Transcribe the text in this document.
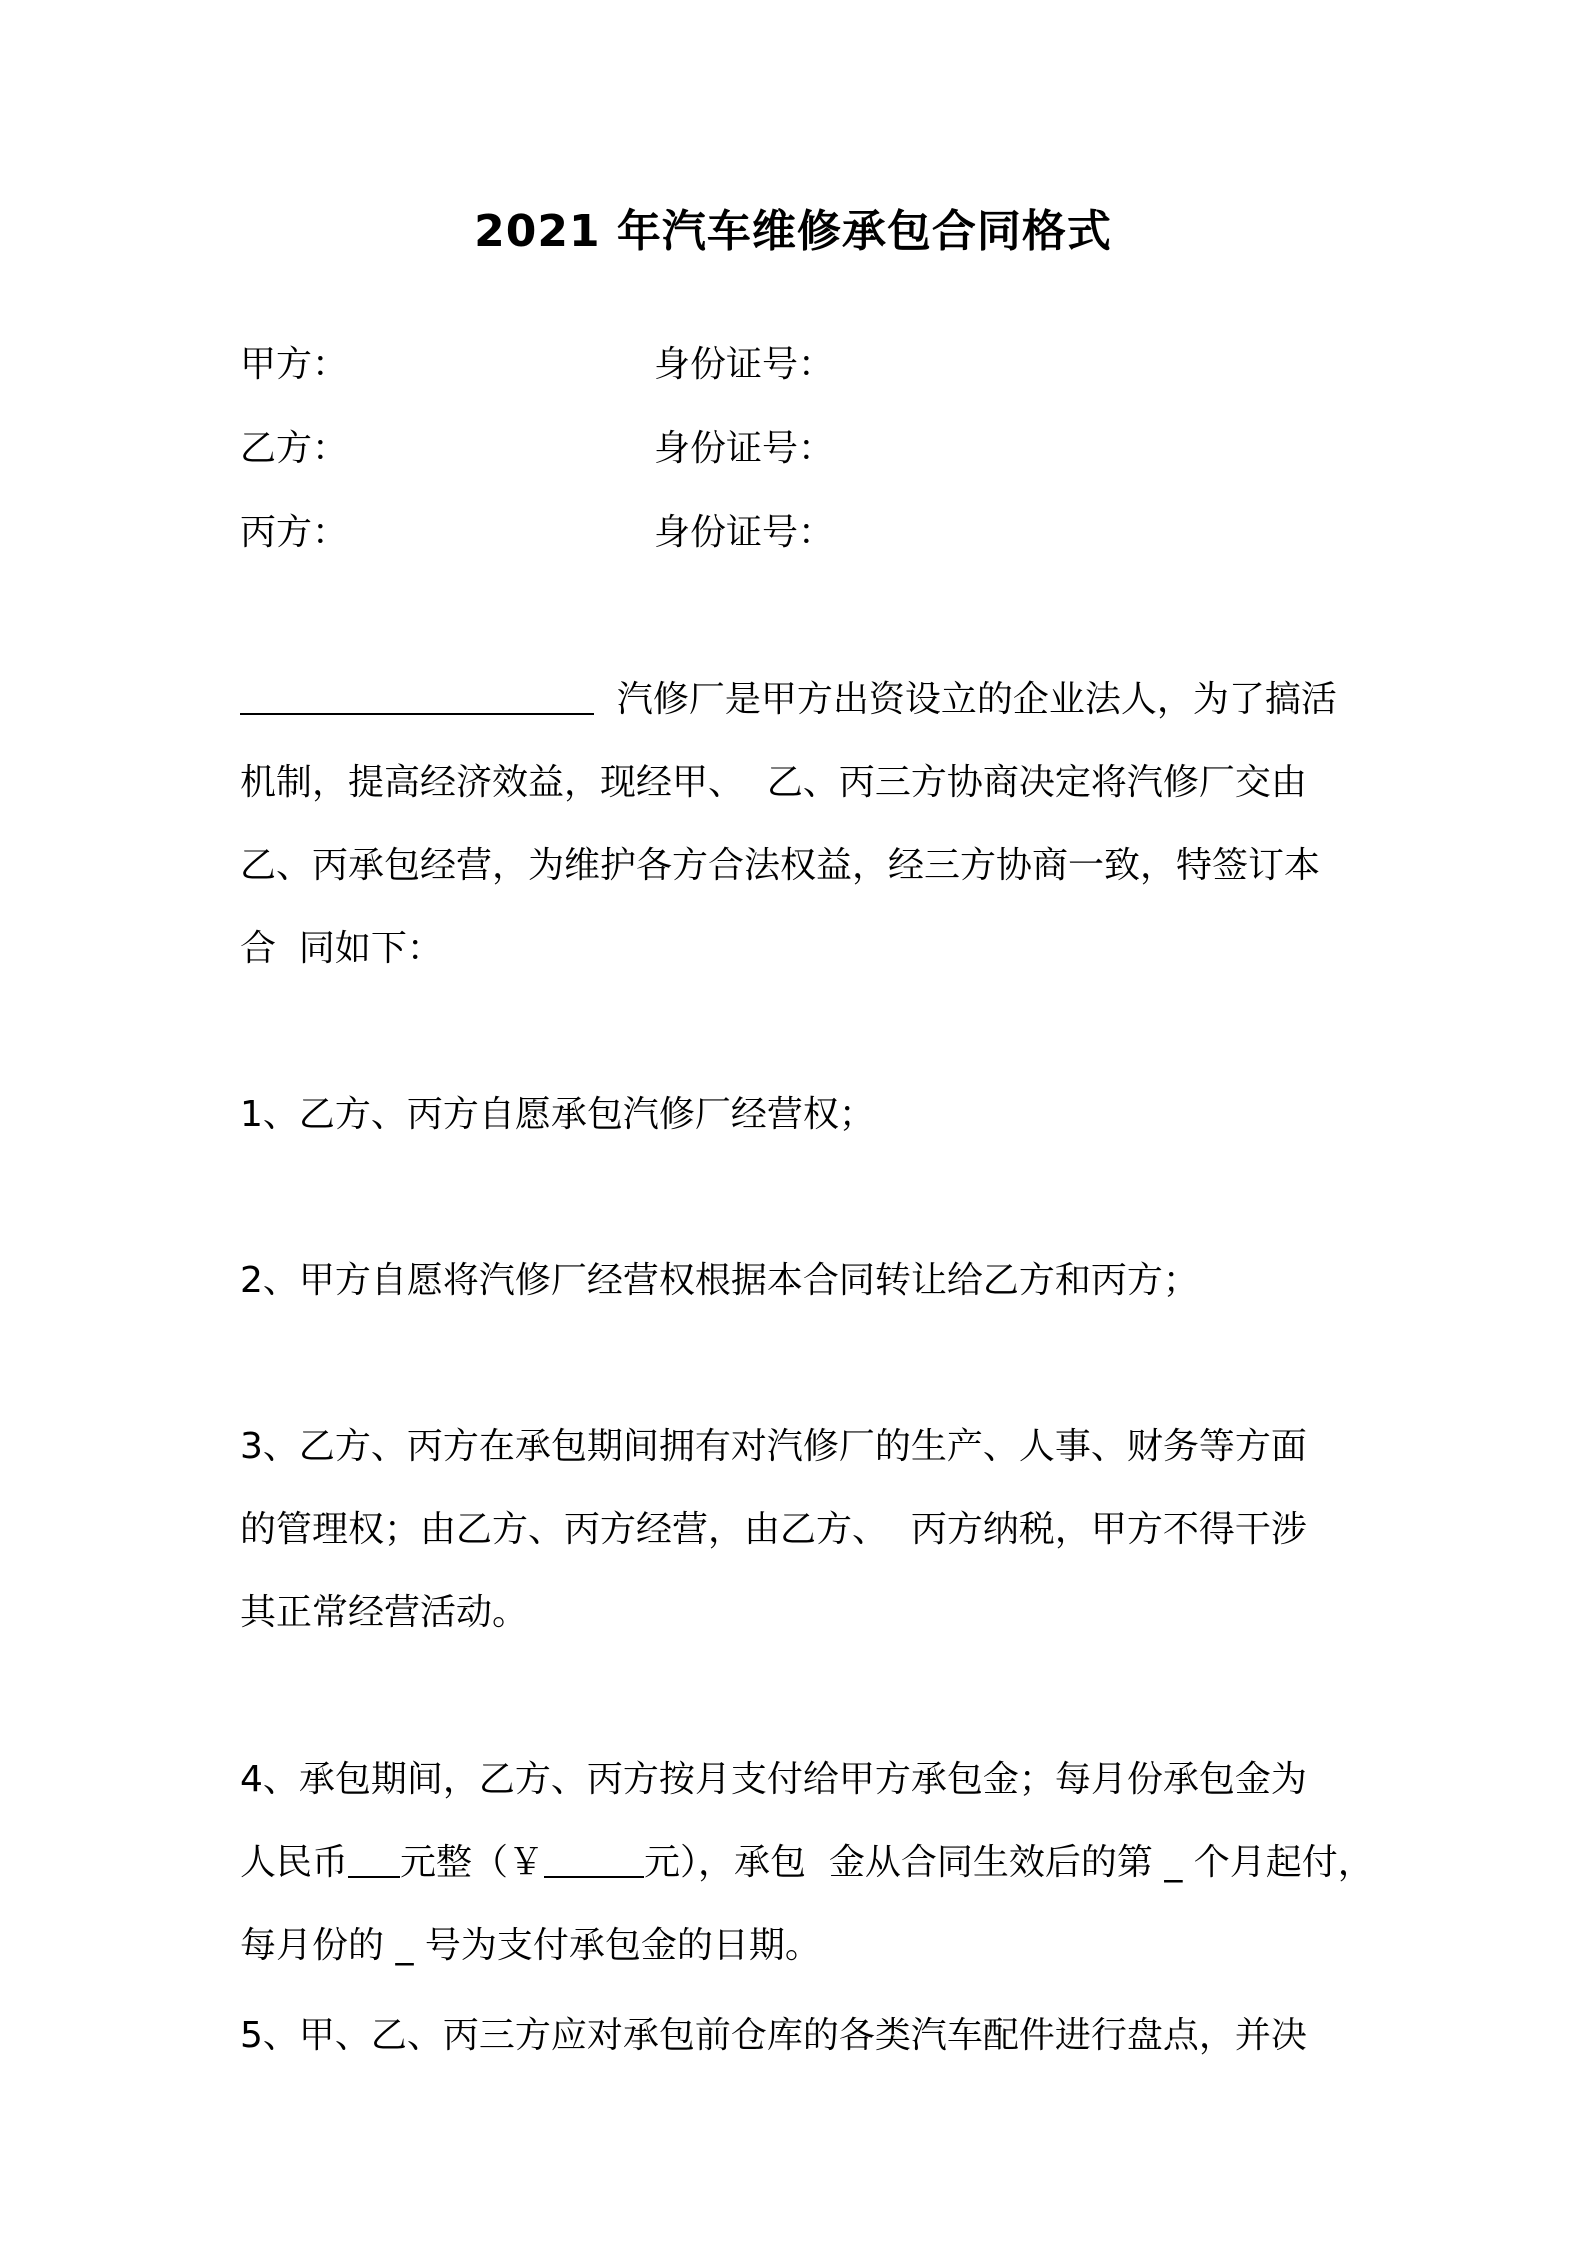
2021 年汽车维修承包合同格式
甲方：	身份证号：
乙方：	身份证号：
丙方：	身份证号：
汽修厂是甲方出资设立的企业法人，为了搞活
机制，提高经济效益，现经甲、  乙、丙三方协商决定将汽修厂交由
乙、丙承包经营，为维护各方合法权益，经三方协商一致，特签订本
合  同如下：
1、乙方、丙方自愿承包汽修厂经营权；
2、甲方自愿将汽修厂经营权根据本合同转让给乙方和丙方；
3、乙方、丙方在承包期间拥有对汽修厂的生产、人事、财务等方面
的管理权；由乙方、丙方经营，由乙方、  丙方纳税，甲方不得干涉
其正常经营活动。
4、承包期间，乙方、丙方按月支付给甲方承包金；每月份承包金为
人民币 元整（￥	元），承包  金从合同生效后的第 _ 个月起付，
每月份的 _ 号为支付承包金的日期。
5、甲、乙、丙三方应对承包前仓库的各类汽车配件进行盘点，并决
